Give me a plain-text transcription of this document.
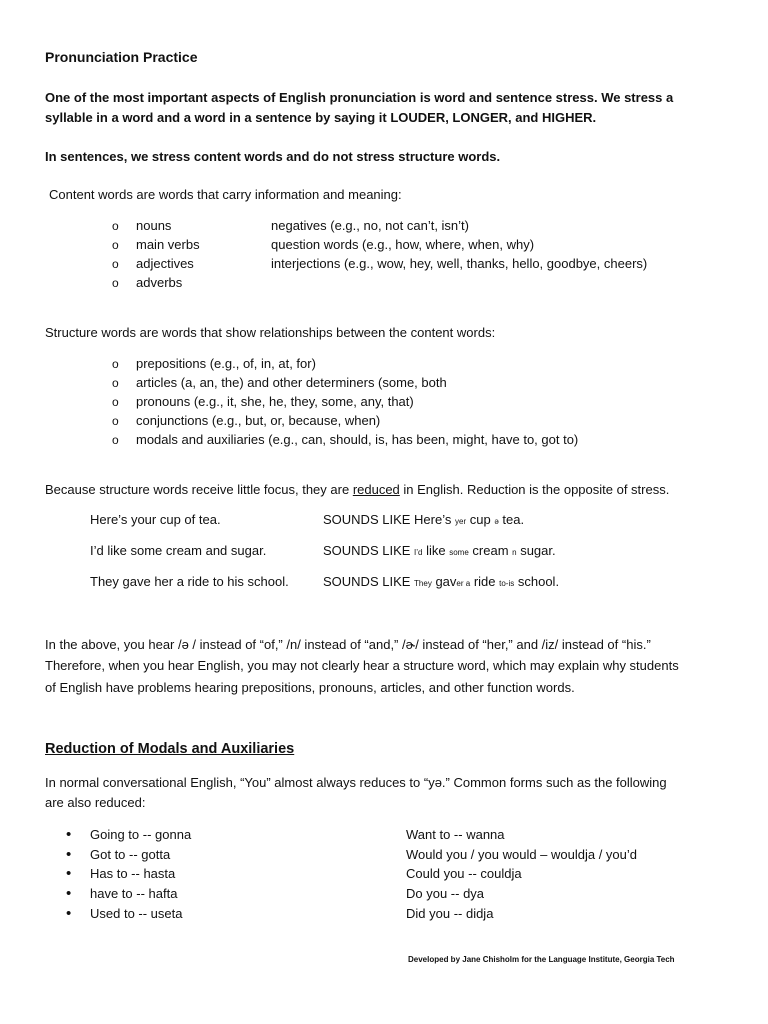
Pronunciation Practice
One of the most important aspects of English pronunciation is word and sentence stress. We stress a
syllable in a word and a word in a sentence by saying it LOUDER, LONGER, and HIGHER.
In sentences, we stress content words and do not stress structure words.
Content words are words that carry information and meaning:
o nouns	negatives (e.g., no, not can’t, isn’t)
o main verbs	question words (e.g., how, where, when, why)
o adjectives	interjections (e.g., wow, hey, well, thanks, hello, goodbye, cheers)
o adverbs
Structure words are words that show relationships between the content words:
o prepositions (e.g., of, in, at, for)
o articles (a, an, the) and other determiners (some, both
o pronouns (e.g., it, she, he, they, some, any, that)
o conjunctions (e.g., but, or, because, when)
o modals and auxiliaries (e.g., can, should, is, has been, might, have to, got to)
Because structure words receive little focus, they are reduced in English. Reduction is the opposite of stress.
Here’s your cup of tea.	SOUNDS LIKE Here’s yer cup ə tea.
I’d like some cream and sugar.	SOUNDS LIKE I’d like some cream n sugar.
They gave her a ride to his school.	SOUNDS LIKE They gaver a ride to-is school.
In the above, you hear /ə / instead of “of,” /n/ instead of “and,” /ɚ/ instead of “her,” and /iz/ instead of “his.”
Therefore, when you hear English, you may not clearly hear a structure word, which may explain why students
of English have problems hearing prepositions, pronouns, articles, and other function words.
Reduction of Modals and Auxiliaries
In normal conversational English, “You” almost always reduces to “yə.” Common forms such as the following
are also reduced:
• Going to -- gonna	Want to -- wanna
• Got to -- gotta	Would you / you would – wouldja / you’d
• Has to -- hasta	Could you -- couldja
• have to -- hafta	Do you -- dya
• Used to -- useta	Did you -- didja
Developed by Jane Chisholm for the Language Institute, Georgia Tech
